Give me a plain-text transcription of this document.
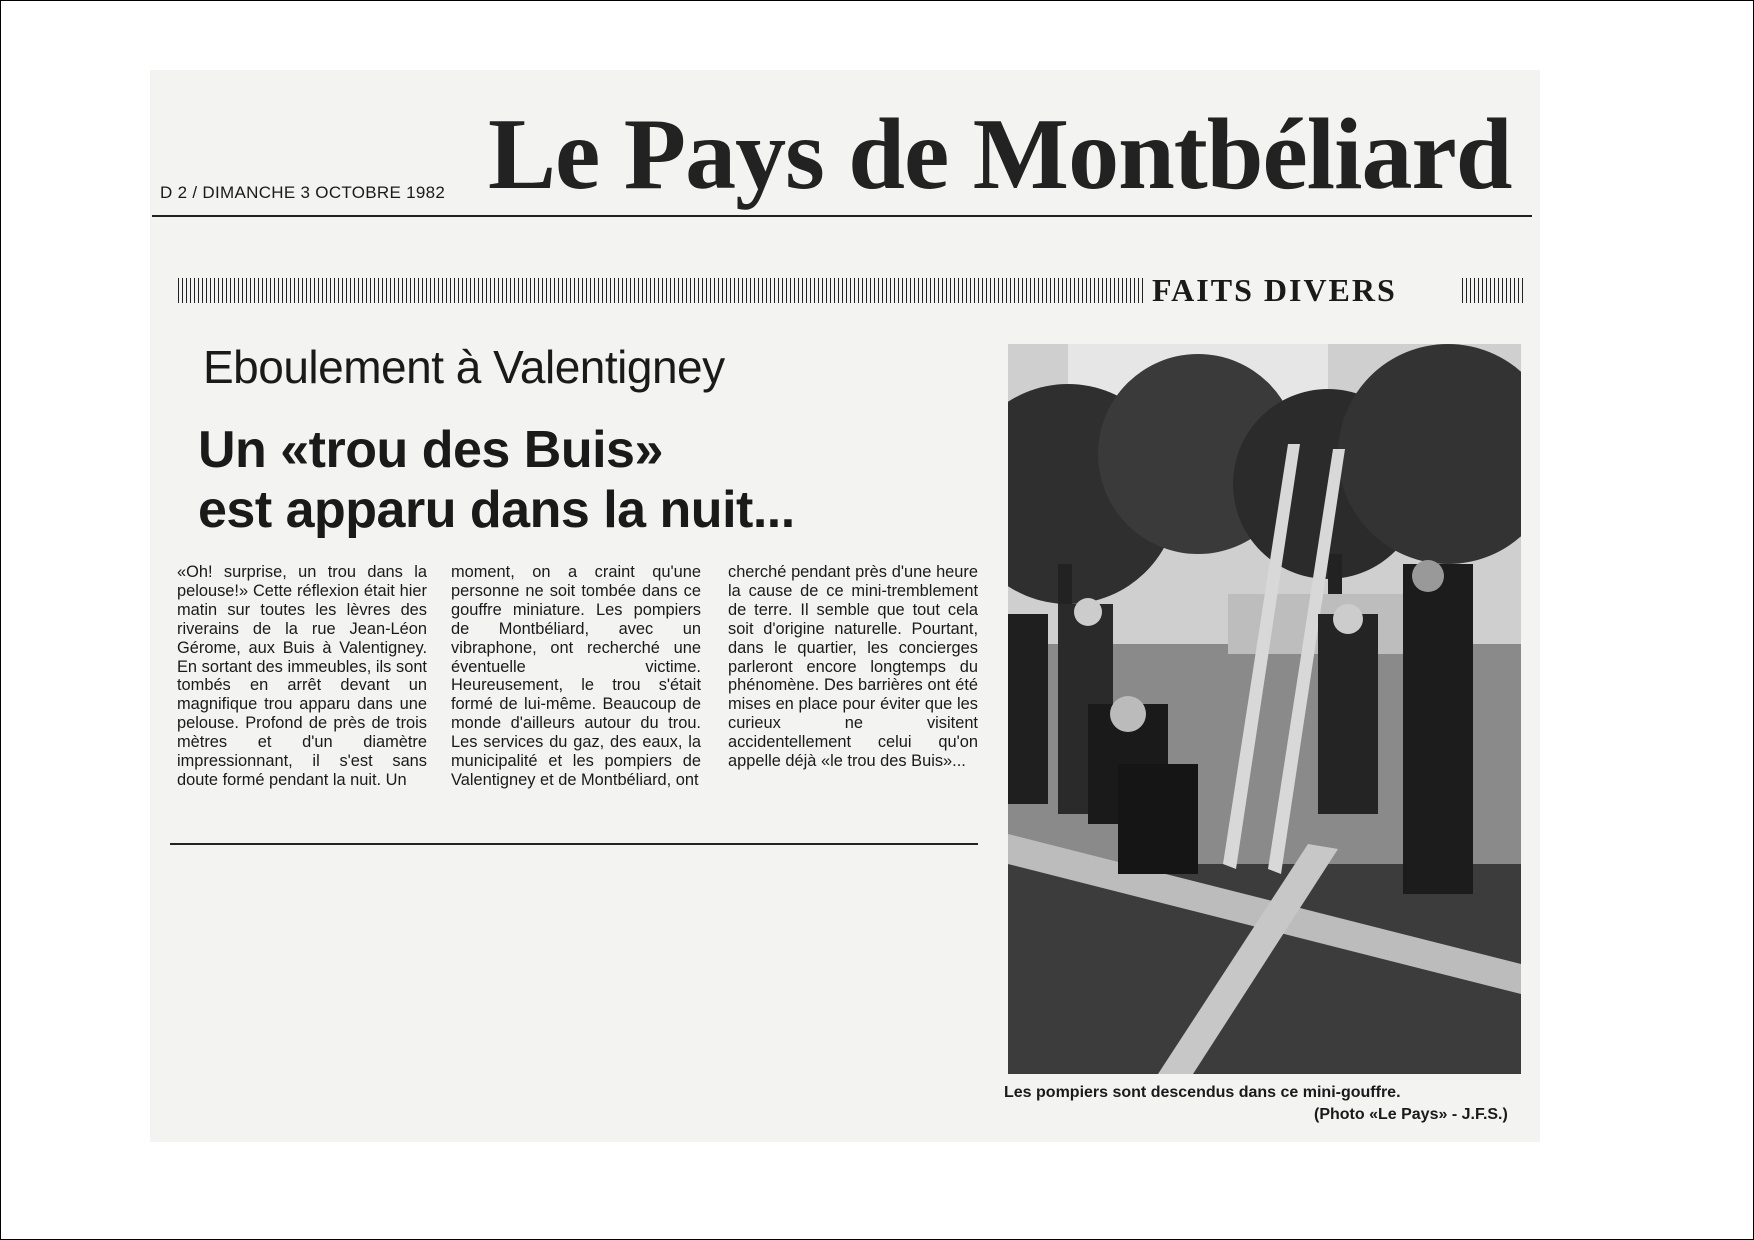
D 2 / DIMANCHE 3 OCTOBRE 1982 Le Pays de Montbéliard
FAITS DIVERS
Eboulement à Valentigney
Un «trou des Buis»
est apparu dans la nuit...
«Oh! surprise, un trou dans la pelouse!» Cette réflexion était hier matin sur toutes les lèvres des riverains de la rue Jean-Léon Gérome, aux Buis à Valentigney. En sortant des immeubles, ils sont tombés en arrêt devant un magnifique trou apparu dans une pelouse. Profond de près de trois mètres et d'un diamètre impressionnant, il s'est sans doute formé pendant la nuit. Un
moment, on a craint qu'une personne ne soit tombée dans ce gouffre miniature. Les pompiers de Montbéliard, avec un vibraphone, ont recherché une éventuelle victime. Heureusement, le trou s'était formé de lui-même. Beaucoup de monde d'ailleurs autour du trou. Les services du gaz, des eaux, la municipalité et les pompiers de Valentigney et de Montbéliard, ont
cherché pendant près d'une heure la cause de ce mini-tremblement de terre. Il semble que tout cela soit d'origine naturelle. Pourtant, dans le quartier, les concierges parleront encore longtemps du phénomène. Des barrières ont été mises en place pour éviter que les curieux ne visitent accidentellement celui qu'on appelle déjà «le trou des Buis»...
Les pompiers sont descendus dans ce mini-gouffre.
(Photo «Le Pays» - J.F.S.)
